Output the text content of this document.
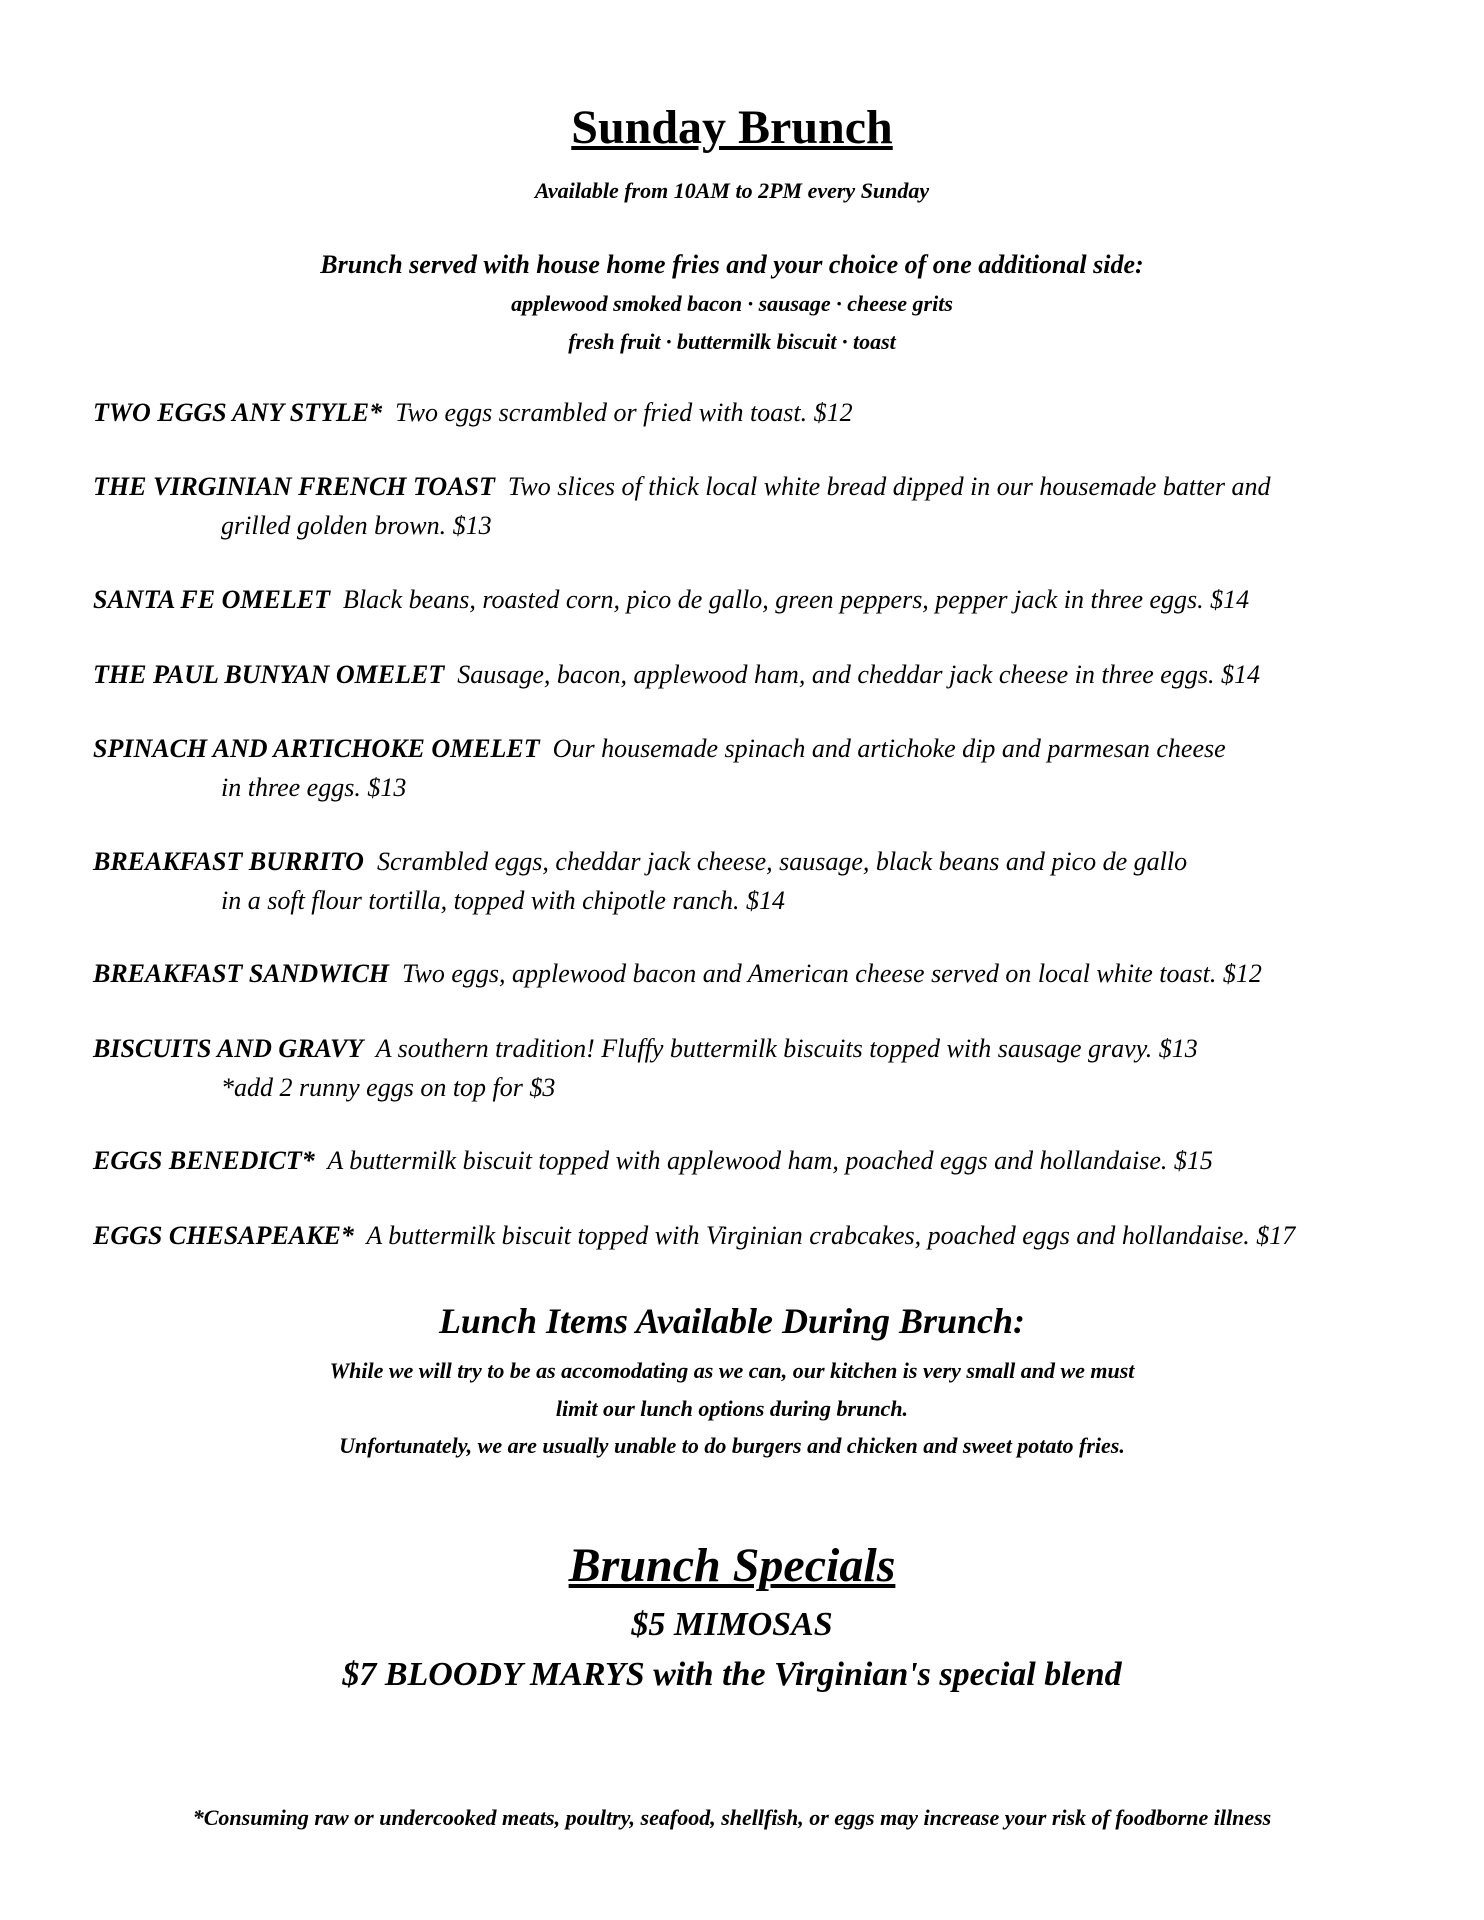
Sunday Brunch
Available from 10AM to 2PM every Sunday
Brunch served with house home fries and your choice of one additional side:
applewood smoked bacon · sausage · cheese grits
fresh fruit · buttermilk biscuit · toast
TWO EGGS ANY STYLE* Two eggs scrambled or fried with toast. $12
THE VIRGINIAN FRENCH TOAST Two slices of thick local white bread dipped in our housemade batter and
grilled golden brown. $13
SANTA FE OMELET Black beans, roasted corn, pico de gallo, green peppers, pepper jack in three eggs. $14
THE PAUL BUNYAN OMELET Sausage, bacon, applewood ham, and cheddar jack cheese in three eggs. $14
SPINACH AND ARTICHOKE OMELET Our housemade spinach and artichoke dip and parmesan cheese
in three eggs. $13
BREAKFAST BURRITO Scrambled eggs, cheddar jack cheese, sausage, black beans and pico de gallo
in a soft flour tortilla, topped with chipotle ranch. $14
BREAKFAST SANDWICH Two eggs, applewood bacon and American cheese served on local white toast. $12
BISCUITS AND GRAVY A southern tradition! Fluffy buttermilk biscuits topped with sausage gravy. $13
*add 2 runny eggs on top for $3
EGGS BENEDICT* A buttermilk biscuit topped with applewood ham, poached eggs and hollandaise. $15
EGGS CHESAPEAKE* A buttermilk biscuit topped with Virginian crabcakes, poached eggs and hollandaise. $17
Lunch Items Available During Brunch:
While we will try to be as accomodating as we can, our kitchen is very small and we must
limit our lunch options during brunch.
Unfortunately, we are usually unable to do burgers and chicken and sweet potato fries.
Brunch Specials
$5 MIMOSAS
$7 BLOODY MARYS with the Virginian's special blend
*Consuming raw or undercooked meats, poultry, seafood, shellfish, or eggs may increase your risk of foodborne illness
